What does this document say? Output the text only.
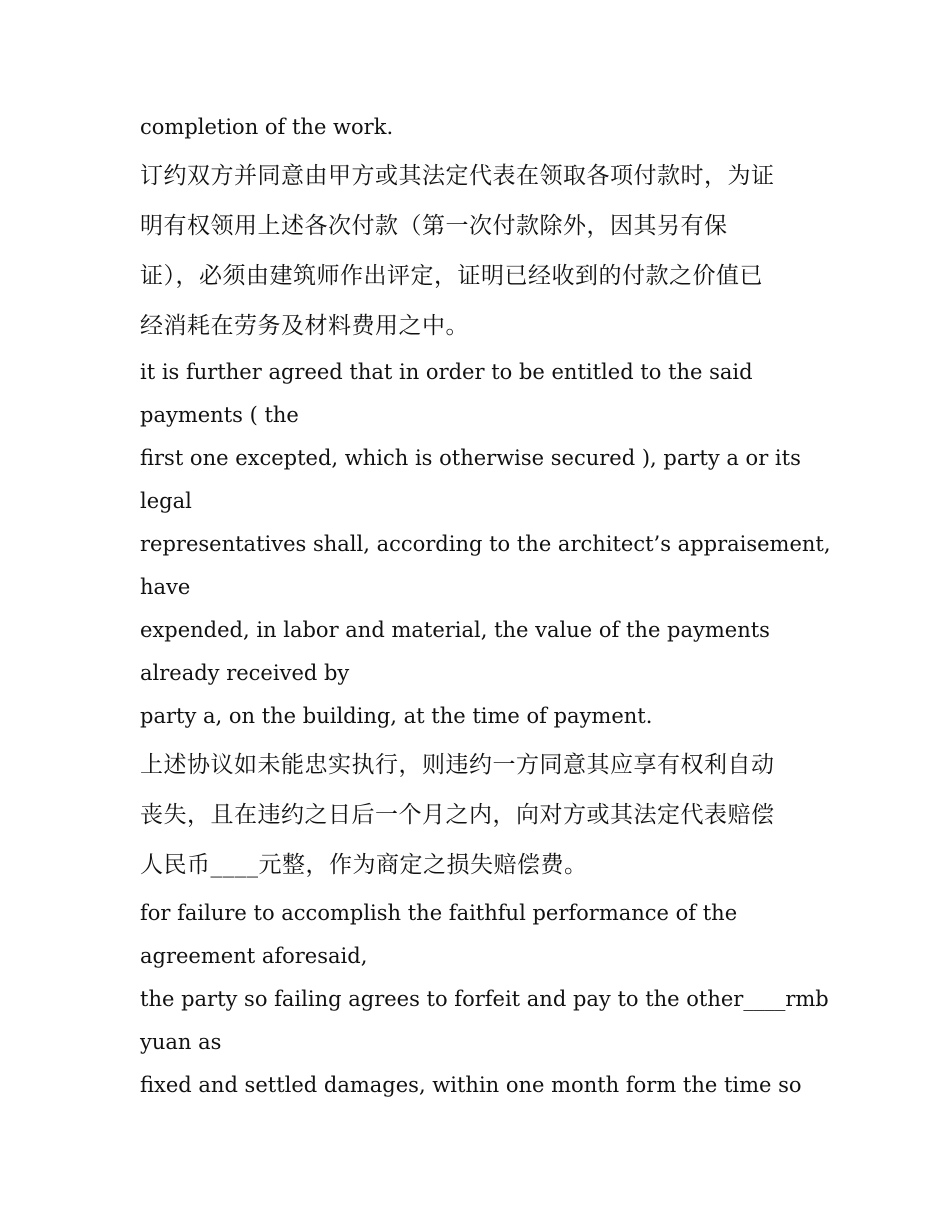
completion of the work.

订约双方并同意由甲方或其法定代表在领取各项付款时，为证

明有权领用上述各次付款（第一次付款除外，因其另有保

证），必须由建筑师作出评定，证明已经收到的付款之价值已

经消耗在劳务及材料费用之中。

it is further agreed that in order to be entitled to the said

payments ( the

first one excepted, which is otherwise secured ), party a or its

legal

representatives shall, according to the architect’s appraisement,

have

expended, in labor and material, the value of the payments

already received by

party a, on the building, at the time of payment.

上述协议如未能忠实执行，则违约一方同意其应享有权利自动

丧失，且在违约之日后一个月之内，向对方或其法定代表赔偿

人民币____元整，作为商定之损失赔偿费。

for failure to accomplish the faithful performance of the

agreement aforesaid,

the party so failing agrees to forfeit and pay to the other____rmb

yuan as

fixed and settled damages, within one month form the time so
